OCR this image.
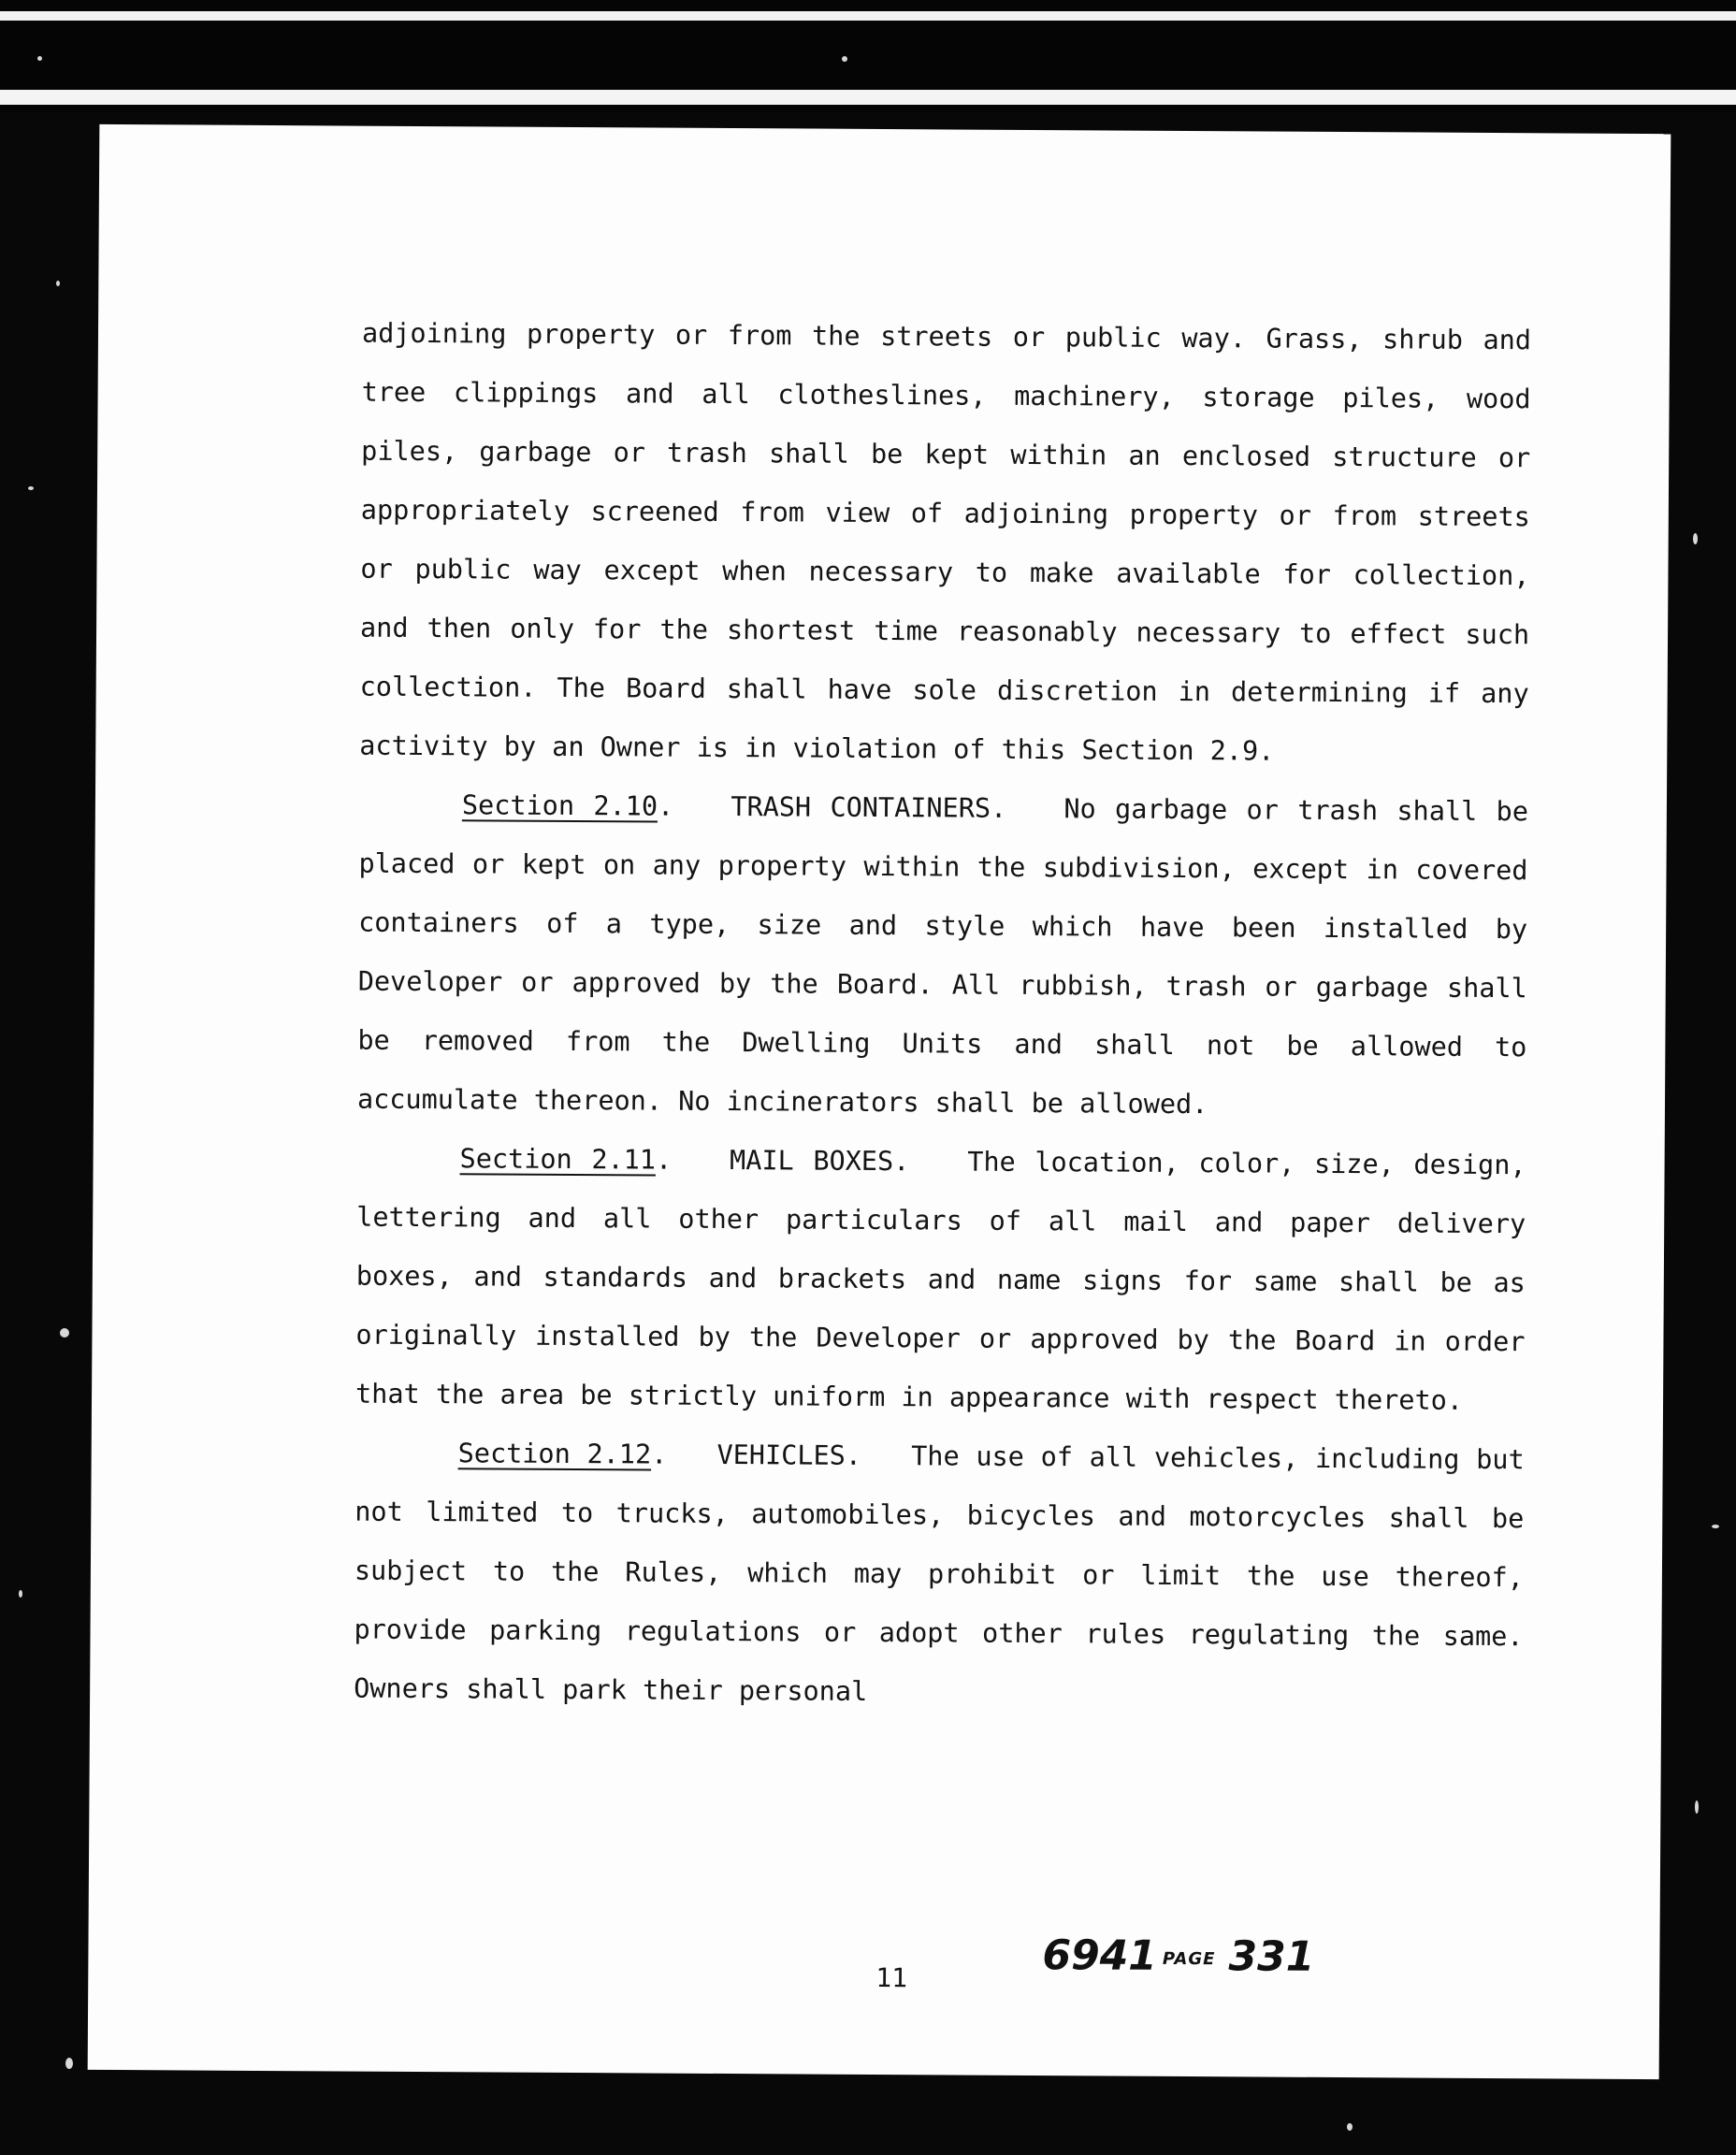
adjoining property or from the streets or public way. Grass, shrub and tree clippings and all clotheslines, machinery, storage piles, wood piles, garbage or trash shall be kept within an enclosed structure or appropriately screened from view of adjoining property or from streets or public way except when necessary to make available for collection, and then only for the shortest time reasonably necessary to effect such collection. The Board shall have sole discretion in determining if any activity by an Owner is in violation of this Section 2.9.

Section 2.10.   TRASH CONTAINERS. No garbage or trash shall be placed or kept on any property within the subdivision, except in covered containers of a type, size and style which have been installed by Developer or approved by the Board. All rubbish, trash or garbage shall be removed from the Dwelling Units and shall not be allowed to accumulate thereon. No incinerators shall be allowed.

Section 2.11.   MAIL BOXES. The location, color, size, design, lettering and all other particulars of all mail and paper delivery boxes, and standards and brackets and name signs for same shall be as originally installed by the Developer or approved by the Board in order that the area be strictly uniform in appearance with respect thereto.

Section 2.12.   VEHICLES. The use of all vehicles, including but not limited to trucks, automobiles, bicycles and motorcycles shall be subject to the Rules, which may prohibit or limit the use thereof, provide parking regulations or adopt other rules regulating the same. Owners shall park their personal

6941 PAGE 331
11
